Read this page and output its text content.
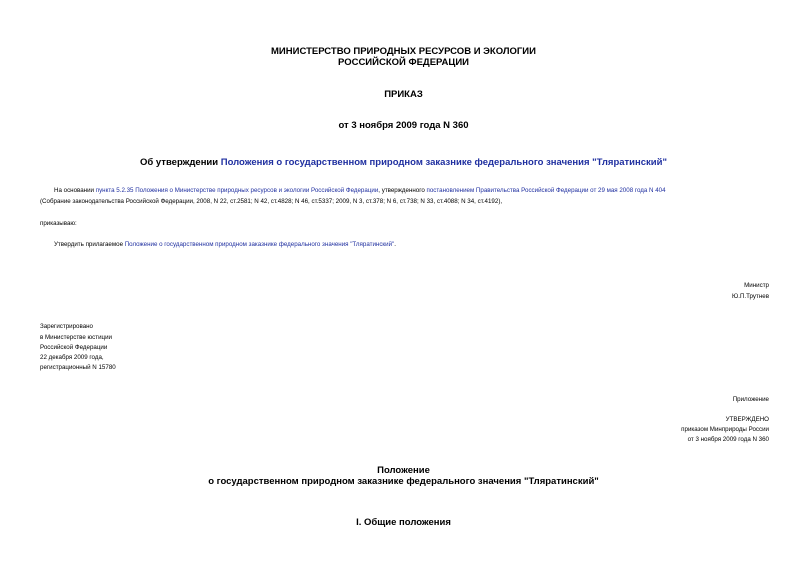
МИНИСТЕРСТВО ПРИРОДНЫХ РЕСУРСОВ И ЭКОЛОГИИ
РОССИЙСКОЙ ФЕДЕРАЦИИ
ПРИКАЗ
от 3 ноября 2009 года N 360
Об утверждении Положения о государственном природном заказнике федерального значения "Тляратинский"
На основании пункта 5.2.35 Положения о Министерстве природных ресурсов и экологии Российской Федерации, утвержденного постановлением Правительства Российской Федерации от 29 мая 2008 года N 404
(Собрание законодательства Российской Федерации, 2008, N 22, ст.2581; N 42, ст.4828; N 46, ст.5337; 2009, N 3, ст.378; N 6, ст.738; N 33, ст.4088; N 34, ст.4192),
приказываю:
Утвердить прилагаемое Положение о государственном природном заказнике федерального значения "Тляратинский".
Министр
Ю.П.Трутнев
Зарегистрировано
в Министерстве юстиции
Российской Федерации
22 декабря 2009 года,
регистрационный N 15780
Приложение
УТВЕРЖДЕНО
приказом Минприроды России
от 3 ноября 2009 года N 360
Положение
о государственном природном заказнике федерального значения "Тляратинский"
I. Общие положения
